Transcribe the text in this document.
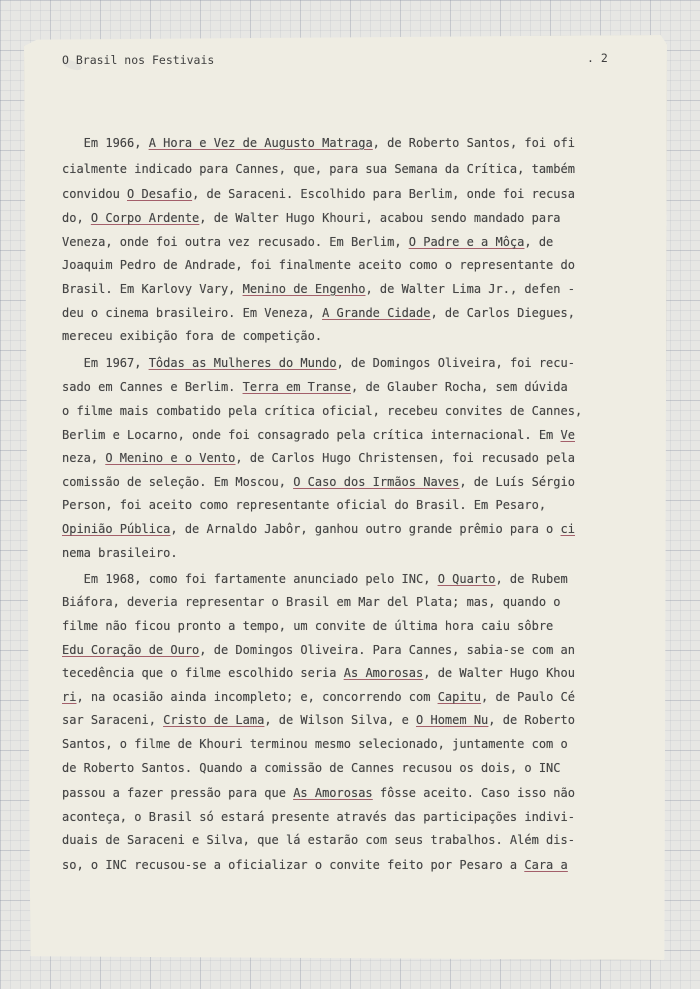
O Brasil nos Festivais	. 2
Em 1966, A Hora e Vez de Augusto Matraga, de Roberto Santos, foi ofi
cialmente indicado para Cannes, que, para sua Semana da Crítica, também
convidou O Desafio, de Saraceni. Escolhido para Berlim, onde foi recusa
do, O Corpo Ardente, de Walter Hugo Khouri, acabou sendo mandado para
Veneza, onde foi outra vez recusado. Em Berlim, O Padre e a Môça, de
Joaquim Pedro de Andrade, foi finalmente aceito como o representante do
Brasil. Em Karlovy Vary, Menino de Engenho, de Walter Lima Jr., defen -
deu o cinema brasileiro. Em Veneza, A Grande Cidade, de Carlos Diegues,
mereceu exibição fora de competição.
Em 1967, Tôdas as Mulheres do Mundo, de Domingos Oliveira, foi recu-
sado em Cannes e Berlim. Terra em Transe, de Glauber Rocha, sem dúvida
o filme mais combatido pela crítica oficial, recebeu convites de Cannes,
Berlim e Locarno, onde foi consagrado pela crítica internacional. Em Ve
neza, O Menino e o Vento, de Carlos Hugo Christensen, foi recusado pela
comissão de seleção. Em Moscou, O Caso dos Irmãos Naves, de Luís Sérgio
Person, foi aceito como representante oficial do Brasil. Em Pesaro,
Opinião Pública, de Arnaldo Jabôr, ganhou outro grande prêmio para o ci
nema brasileiro.
Em 1968, como foi fartamente anunciado pelo INC, O Quarto, de Rubem
Biáfora, deveria representar o Brasil em Mar del Plata; mas, quando o
filme não ficou pronto a tempo, um convite de última hora caiu sôbre
Edu Coração de Ouro, de Domingos Oliveira. Para Cannes, sabia-se com an
tecedência que o filme escolhido seria As Amorosas, de Walter Hugo Khou
ri, na ocasião ainda incompleto; e, concorrendo com Capitu, de Paulo Cé
sar Saraceni, Cristo de Lama, de Wilson Silva, e O Homem Nu, de Roberto
Santos, o filme de Khouri terminou mesmo selecionado, juntamente com o
de Roberto Santos. Quando a comissão de Cannes recusou os dois, o INC
passou a fazer pressão para que As Amorosas fôsse aceito. Caso isso não
aconteça, o Brasil só estará presente através das participações indivi-
duais de Saraceni e Silva, que lá estarão com seus trabalhos. Além dis-
so, o INC recusou-se a oficializar o convite feito por Pesaro a Cara a
